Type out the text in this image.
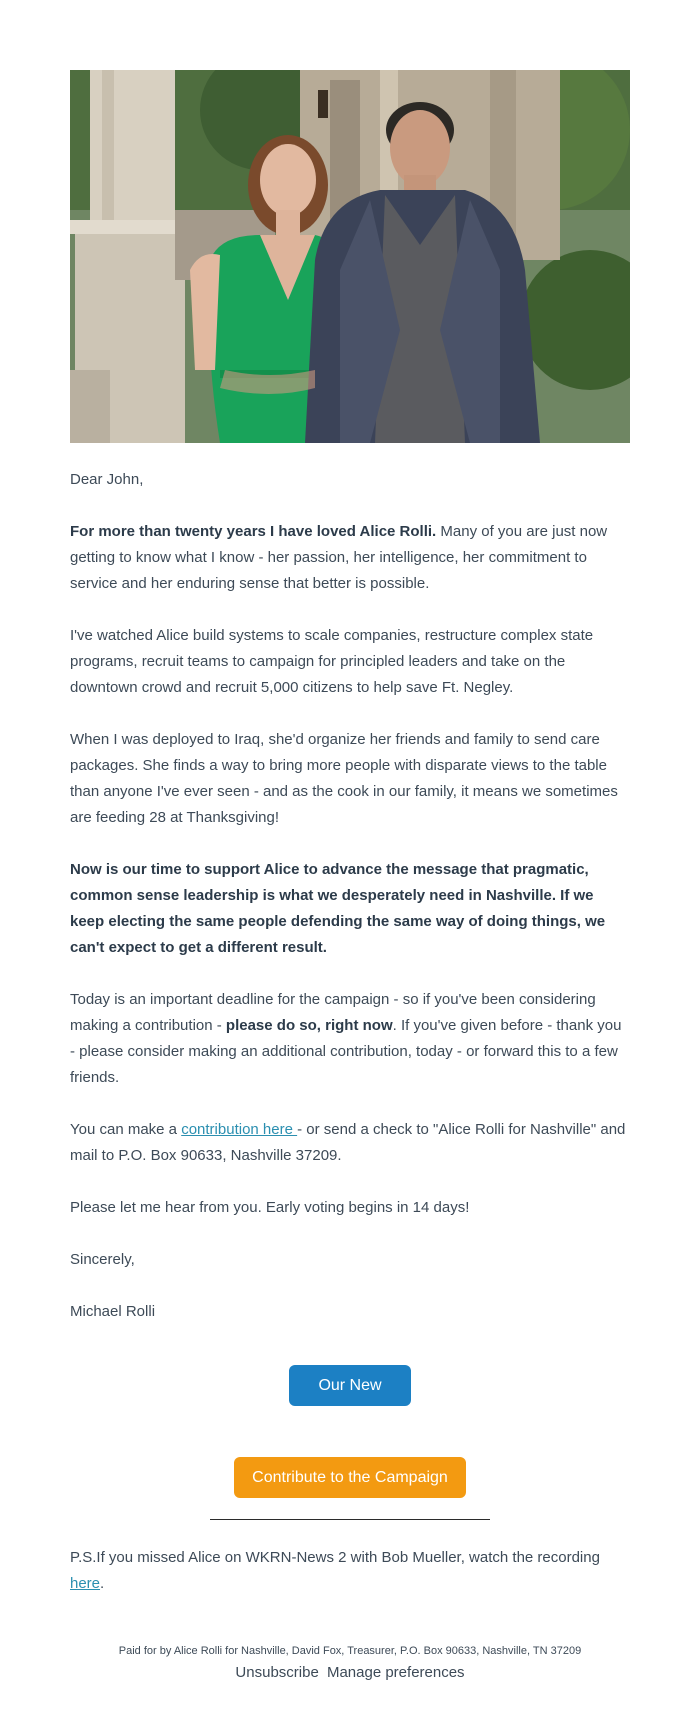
Dear John,

For more than twenty years I have loved Alice Rolli. Many of you are just now getting to know what I know - her passion, her intelligence, her commitment to service and her enduring sense that better is possible.

I've watched Alice build systems to scale companies, restructure complex state programs, recruit teams to campaign for principled leaders and take on the downtown crowd and recruit 5,000 citizens to help save Ft. Negley.

When I was deployed to Iraq, she'd organize her friends and family to send care packages. She finds a way to bring more people with disparate views to the table than anyone I've ever seen - and as the cook in our family, it means we sometimes are feeding 28 at Thanksgiving!

Now is our time to support Alice to advance the message that pragmatic, common sense leadership is what we desperately need in Nashville. If we keep electing the same people defending the same way of doing things, we can't expect to get a different result.

Today is an important deadline for the campaign - so if you've been considering making a contribution - please do so, right now. If you've given before - thank you - please consider making an additional contribution, today - or forward this to a few friends.

You can make a contribution here - or send a check to "Alice Rolli for Nashville" and mail to P.O. Box 90633, Nashville 37209.

Please let me hear from you. Early voting begins in 14 days!

Sincerely,

Michael Rolli

Our New Ad
Contribute to the Campaign
P.S.If you missed Alice on WKRN-News 2 with Bob Mueller, watch the recording here.
Paid for by Alice Rolli for Nashville, David Fox, Treasurer, P.O. Box 90633, Nashville, TN 37209
Unsubscribe Manage preferences
